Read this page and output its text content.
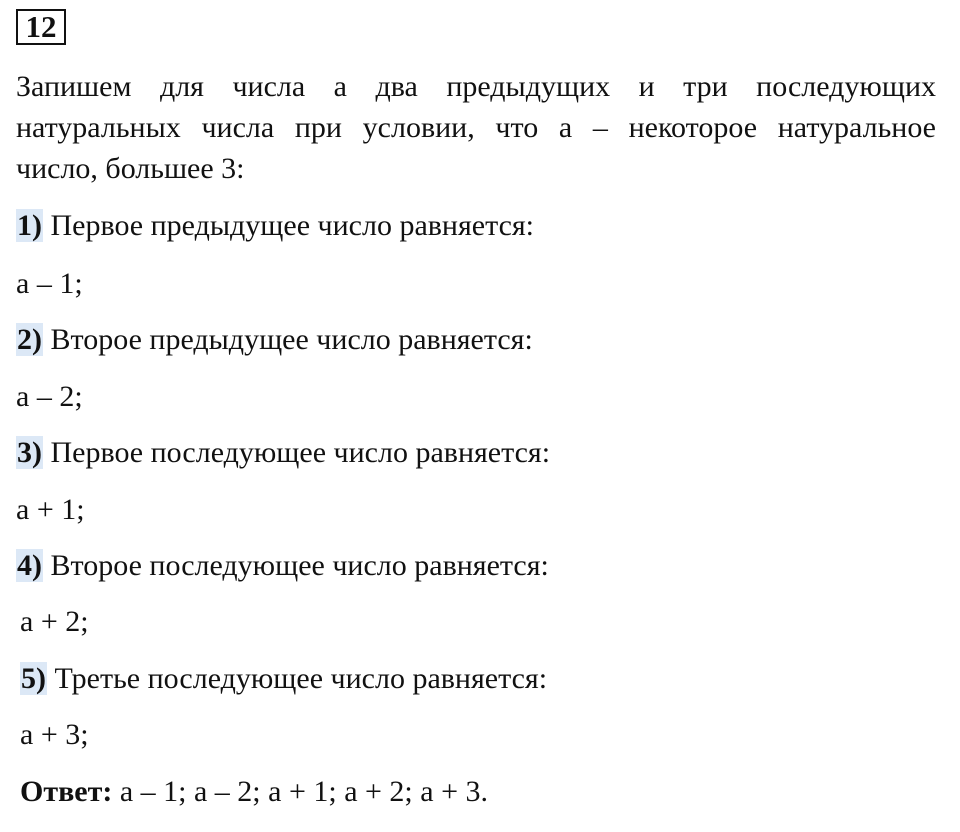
12
Запишем для числа а два предыдущих и три последующих
натуральных числа при условии, что а – некоторое натуральное
число, большее 3:

1) Первое предыдущее число равняется:

а – 1;

2) Второе предыдущее число равняется:

а – 2;

3) Первое последующее число равняется:

а + 1;

4) Второе последующее число равняется:

а + 2;

5) Третье последующее число равняется:

а + 3;

Ответ: а – 1; а – 2; а + 1; а + 2; а + 3.
